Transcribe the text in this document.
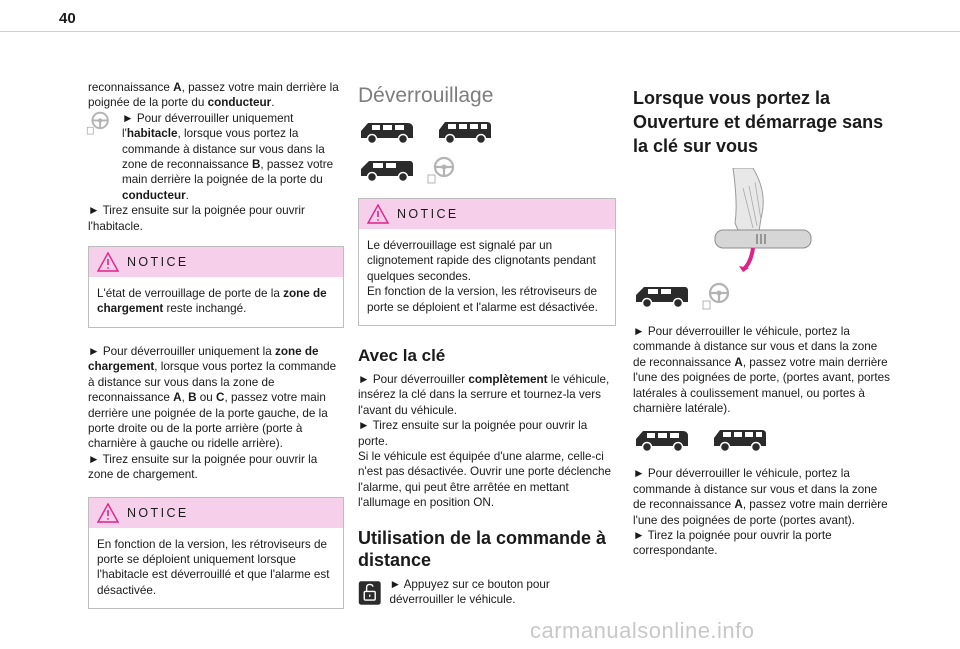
40

reconnaissance A, passez votre main derrière la poignée de la porte du conducteur.

► Pour déverrouiller uniquement l'habitacle, lorsque vous portez la commande à distance sur vous dans la zone de reconnaissance B, passez votre main derrière la poignée de la porte du conducteur.

► Tirez ensuite sur la poignée pour ouvrir l'habitacle.

NOTICE
L'état de verrouillage de porte de la zone de chargement reste inchangé.

► Pour déverrouiller uniquement la zone de chargement, lorsque vous portez la commande à distance sur vous dans la zone de reconnaissance A, B ou C, passez votre main derrière une poignée de la porte gauche, de la porte droite ou de la porte arrière (porte à charnière à gauche ou ridelle arrière).

► Tirez ensuite sur la poignée pour ouvrir la zone de chargement.

NOTICE
En fonction de la version, les rétroviseurs de porte se déploient uniquement lorsque l'habitacle est déverrouillé et que l'alarme est désactivée.
Déverrouillage
NOTICE
Le déverrouillage est signalé par un clignotement rapide des clignotants pendant quelques secondes.
En fonction de la version, les rétroviseurs de porte se déploient et l'alarme est désactivée.
Avec la clé

► Pour déverrouiller complètement le véhicule, insérez la clé dans la serrure et tournez-la vers l'avant du véhicule.

► Tirez ensuite sur la poignée pour ouvrir la porte.

Si le véhicule est équipée d'une alarme, celle-ci n'est pas désactivée. Ouvrir une porte déclenche l'alarme, qui peut être arrêtée en mettant l'allumage en position ON.

Utilisation de la commande à distance

► Appuyez sur ce bouton pour déverrouiller le véhicule.

Lorsque vous portez la Ouverture et démarrage sans la clé sur vous

► Pour déverrouiller le véhicule, portez la commande à distance sur vous et dans la zone de reconnaissance A, passez votre main derrière l'une des poignées de porte, (portes avant, portes latérales à coulissement manuel, ou portes à charnière latérale).

► Pour déverrouiller le véhicule, portez la commande à distance sur vous et dans la zone de reconnaissance A, passez votre main derrière l'une des poignées de porte (portes avant).

► Tirez la poignée pour ouvrir la porte correspondante.

carmanualsonline.info
